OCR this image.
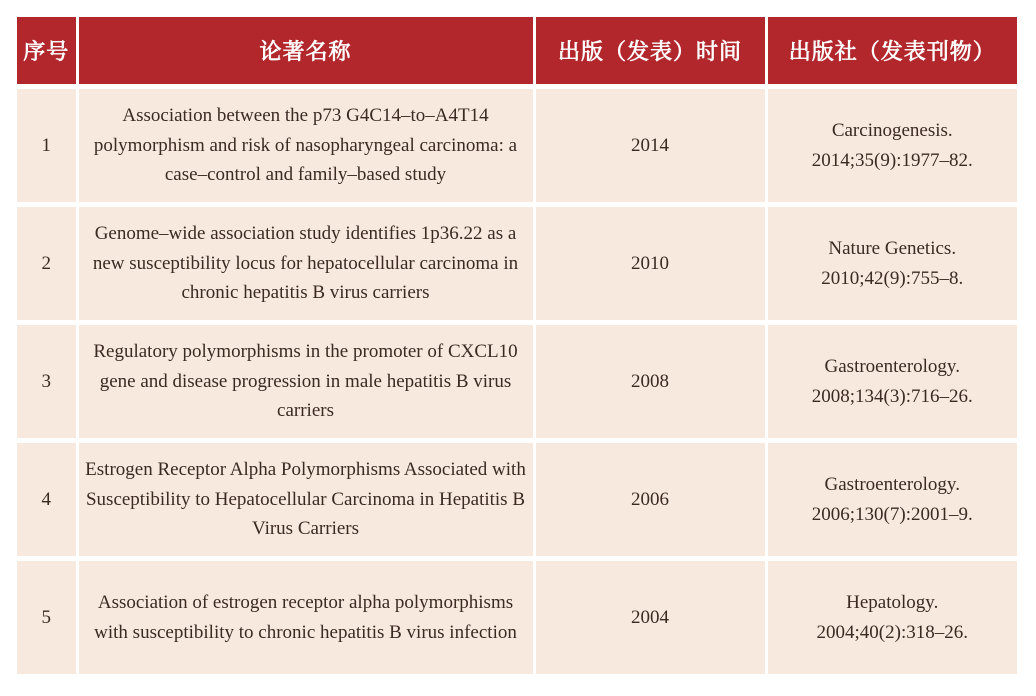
序号	论著名称	出版（发表）时间	出版社（发表刊物）
1	Association between the p73 G4C14–to–A4T14 polymorphism and risk of nasopharyngeal carcinoma: a case–control and family–based study	2014	Carcinogenesis.
2014;35(9):1977–82.

2	Genome–wide association study identifies 1p36.22 as a new susceptibility locus for hepatocellular carcinoma in chronic hepatitis B virus carriers	2010	Nature Genetics.
2010;42(9):755–8.

3	Regulatory polymorphisms in the promoter of CXCL10 gene and disease progression in male hepatitis B virus carriers	2008	Gastroenterology.
2008;134(3):716–26.

4	Estrogen Receptor Alpha Polymorphisms Associated with Susceptibility to Hepatocellular Carcinoma in Hepatitis B Virus Carriers	2006	Gastroenterology.
2006;130(7):2001–9.

5	Association of estrogen receptor alpha polymorphisms with susceptibility to chronic hepatitis B virus infection	2004	Hepatology.
2004;40(2):318–26.
